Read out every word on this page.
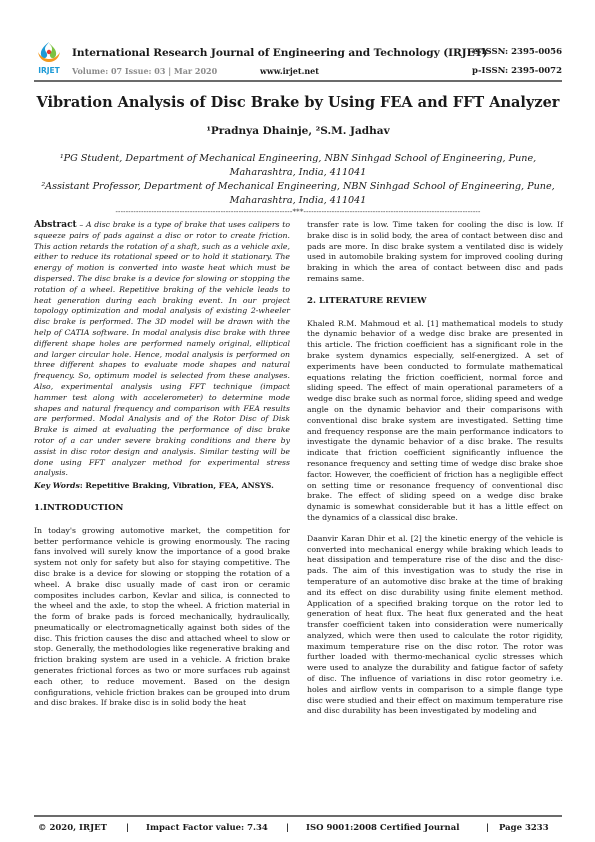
IRJET
International Research Journal of Engineering and Technology (IRJET)
e-ISSN: 2395-0056
Volume: 07 Issue: 03 | Mar 2020	www.irjet.net	p-ISSN: 2395-0072
Vibration Analysis of Disc Brake by Using FEA and FFT Analyzer
¹Pradnya Dhainje, ²S.M. Jadhav
¹PG Student, Department of Mechanical Engineering, NBN Sinhgad School of Engineering, Pune, Maharashtra, India, 411041
²Assistant Professor, Department of Mechanical Engineering, NBN Sinhgad School of Engineering, Pune, Maharashtra, India, 411041
---------------------------------------------------------------------***---------------------------------------------------------------------

Abstract – A disc brake is a type of brake that uses calipers to squeeze pairs of pads against a disc or rotor to create friction. This action retards the rotation of a shaft, such as a vehicle axle, either to reduce its rotational speed or to hold it stationary. The energy of motion is converted into waste heat which must be dispersed. The disc brake is a device for slowing or stopping the rotation of a wheel. Repetitive braking of the vehicle leads to heat generation during each braking event. In our project topology optimization and modal analysis of existing 2-wheeler disc brake is performed. The 3D model will be drawn with the help of CATIA software. In modal analysis disc brake with three different shape holes are performed namely original, elliptical and larger circular hole. Hence, modal analysis is performed on three different shapes to evaluate mode shapes and natural frequency. So, optimum model is selected from these analyses. Also, experimental analysis using FFT technique (impact hammer test along with accelerometer) to determine mode shapes and natural frequency and comparison with FEA results are performed. Modal Analysis and of the Rotor Disc of Disk Brake is aimed at evaluating the performance of disc brake rotor of a car under severe braking conditions and there by assist in disc rotor design and analysis. Similar testing will be done using FFT analyzer method for experimental stress analysis.

Key Words: Repetitive Braking, Vibration, FEA, ANSYS.

1.INTRODUCTION

In today's growing automotive market, the competition for better performance vehicle is growing enormously. The racing fans involved will surely know the importance of a good brake system not only for safety but also for staying competitive. The disc brake is a device for slowing or stopping the rotation of a wheel. A brake disc usually made of cast iron or ceramic composites includes carbon, Kevlar and silica, is connected to the wheel and the axle, to stop the wheel. A friction material in the form of brake pads is forced mechanically, hydraulically, pneumatically or electromagnetically against both sides of the disc. This friction causes the disc and attached wheel to slow or stop. Generally, the methodologies like regenerative braking and friction braking system are used in a vehicle. A friction brake generates frictional forces as two or more surfaces rub against each other, to reduce movement. Based on the design configurations, vehicle friction brakes can be grouped into drum and disc brakes. If brake disc is in solid body the heat

transfer rate is low. Time taken for cooling the disc is low. If brake disc is in solid body, the area of contact between disc and pads are more. In disc brake system a ventilated disc is widely used in automobile braking system for improved cooling during braking in which the area of contact between disc and pads remains same.

2. LITERATURE REVIEW

Khaled R.M. Mahmoud et al. [1] mathematical models to study the dynamic behavior of a wedge disc brake are presented in this article. The friction coefficient has a significant role in the brake system dynamics especially, self-energized. A set of experiments have been conducted to formulate mathematical equations relating the friction coefficient, normal force and sliding speed. The effect of main operational parameters of a wedge disc brake such as normal force, sliding speed and wedge angle on the dynamic behavior and their comparisons with conventional disc brake system are investigated. Setting time and frequency response are the main performance indicators to investigate the dynamic behavior of a disc brake. The results indicate that friction coefficient significantly influence the resonance frequency and setting time of wedge disc brake shoe factor. However, the coefficient of friction has a negligible effect on setting time or resonance frequency of conventional disc brake. The effect of sliding speed on a wedge disc brake dynamic is somewhat considerable but it has a little effect on the dynamics of a classical disc brake.

Daanvir Karan Dhir et al. [2] the kinetic energy of the vehicle is converted into mechanical energy while braking which leads to heat dissipation and temperature rise of the disc and the disc-pads. The aim of this investigation was to study the rise in temperature of an automotive disc brake at the time of braking and its effect on disc durability using finite element method. Application of a specified braking torque on the rotor led to generation of heat flux. The heat flux generated and the heat transfer coefficient taken into consideration were numerically analyzed, which were then used to calculate the rotor rigidity, maximum temperature rise on the disc rotor. The rotor was further loaded with thermo-mechanical cyclic stresses which were used to analyze the durability and fatigue factor of safety of disc. The influence of variations in disc rotor geometry i.e. holes and airflow vents in comparison to a simple flange type disc were studied and their effect on maximum temperature rise and disc durability has been investigated by modeling and

© 2020, IRJET | Impact Factor value: 7.34 | ISO 9001:2008 Certified Journal	| Page 3233
